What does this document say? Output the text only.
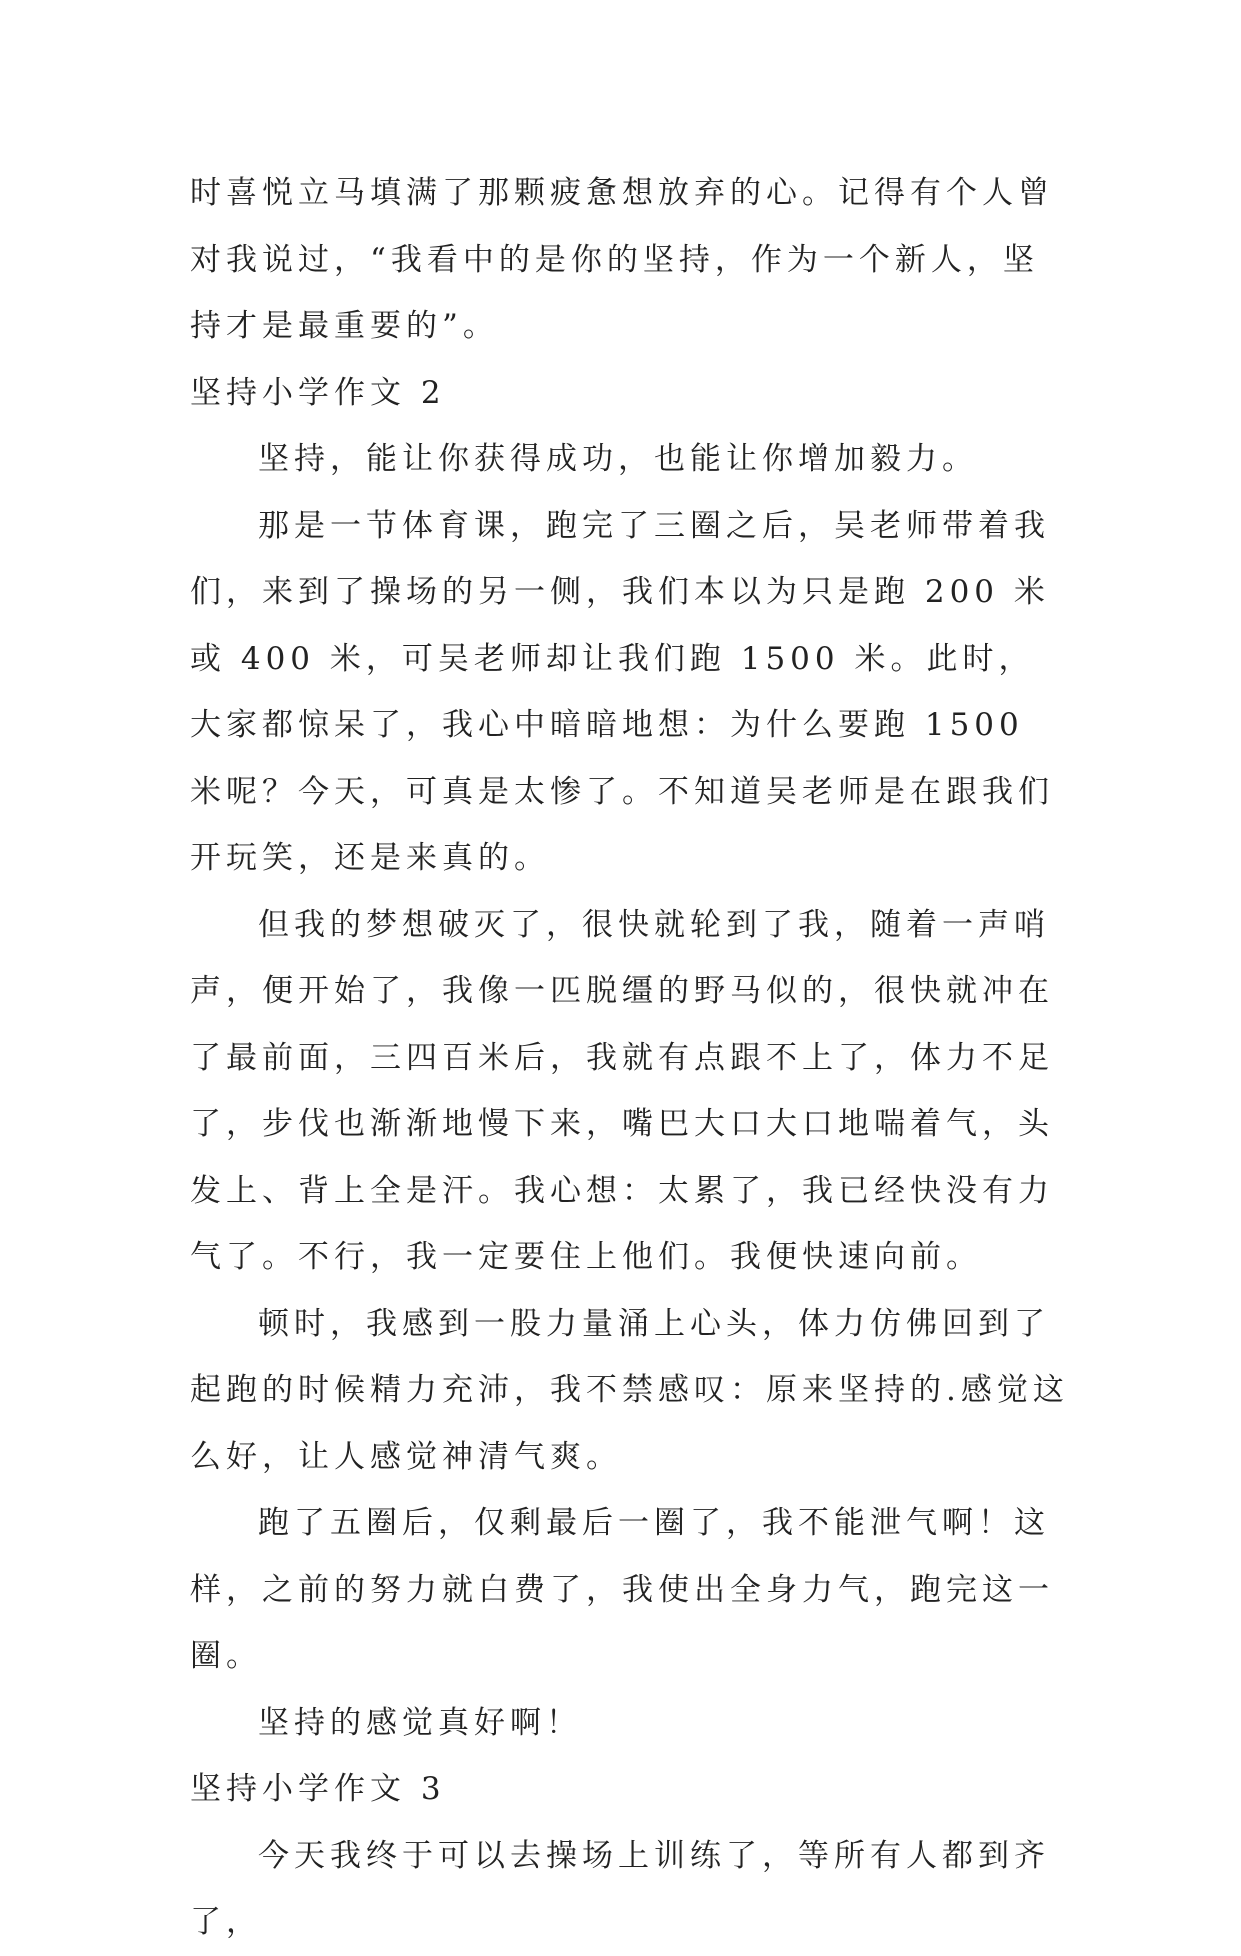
时喜悦立马填满了那颗疲惫想放弃的心。记得有个人曾对我说过，“我看中的是你的坚持，作为一个新人，坚持才是最重要的”。

坚持小学作文 2

坚持，能让你获得成功，也能让你增加毅力。

那是一节体育课，跑完了三圈之后，吴老师带着我们，来到了操场的另一侧，我们本以为只是跑 200 米或 400 米，可吴老师却让我们跑 1500 米。此时，大家都惊呆了，我心中暗暗地想：为什么要跑 1500 米呢？今天，可真是太惨了。不知道吴老师是在跟我们开玩笑，还是来真的。

但我的梦想破灭了，很快就轮到了我，随着一声哨声，便开始了，我像一匹脱缰的野马似的，很快就冲在了最前面，三四百米后，我就有点跟不上了，体力不足了，步伐也渐渐地慢下来，嘴巴大口大口地喘着气，头发上、背上全是汗。我心想：太累了，我已经快没有力气了。不行，我一定要住上他们。我便快速向前。

顿时，我感到一股力量涌上心头，体力仿佛回到了起跑的时候精力充沛，我不禁感叹：原来坚持的.感觉这么好，让人感觉神清气爽。

跑了五圈后，仅剩最后一圈了，我不能泄气啊！这样，之前的努力就白费了，我使出全身力气，跑完这一圈。

坚持的感觉真好啊！

坚持小学作文 3

今天我终于可以去操场上训练了，等所有人都到齐了，
